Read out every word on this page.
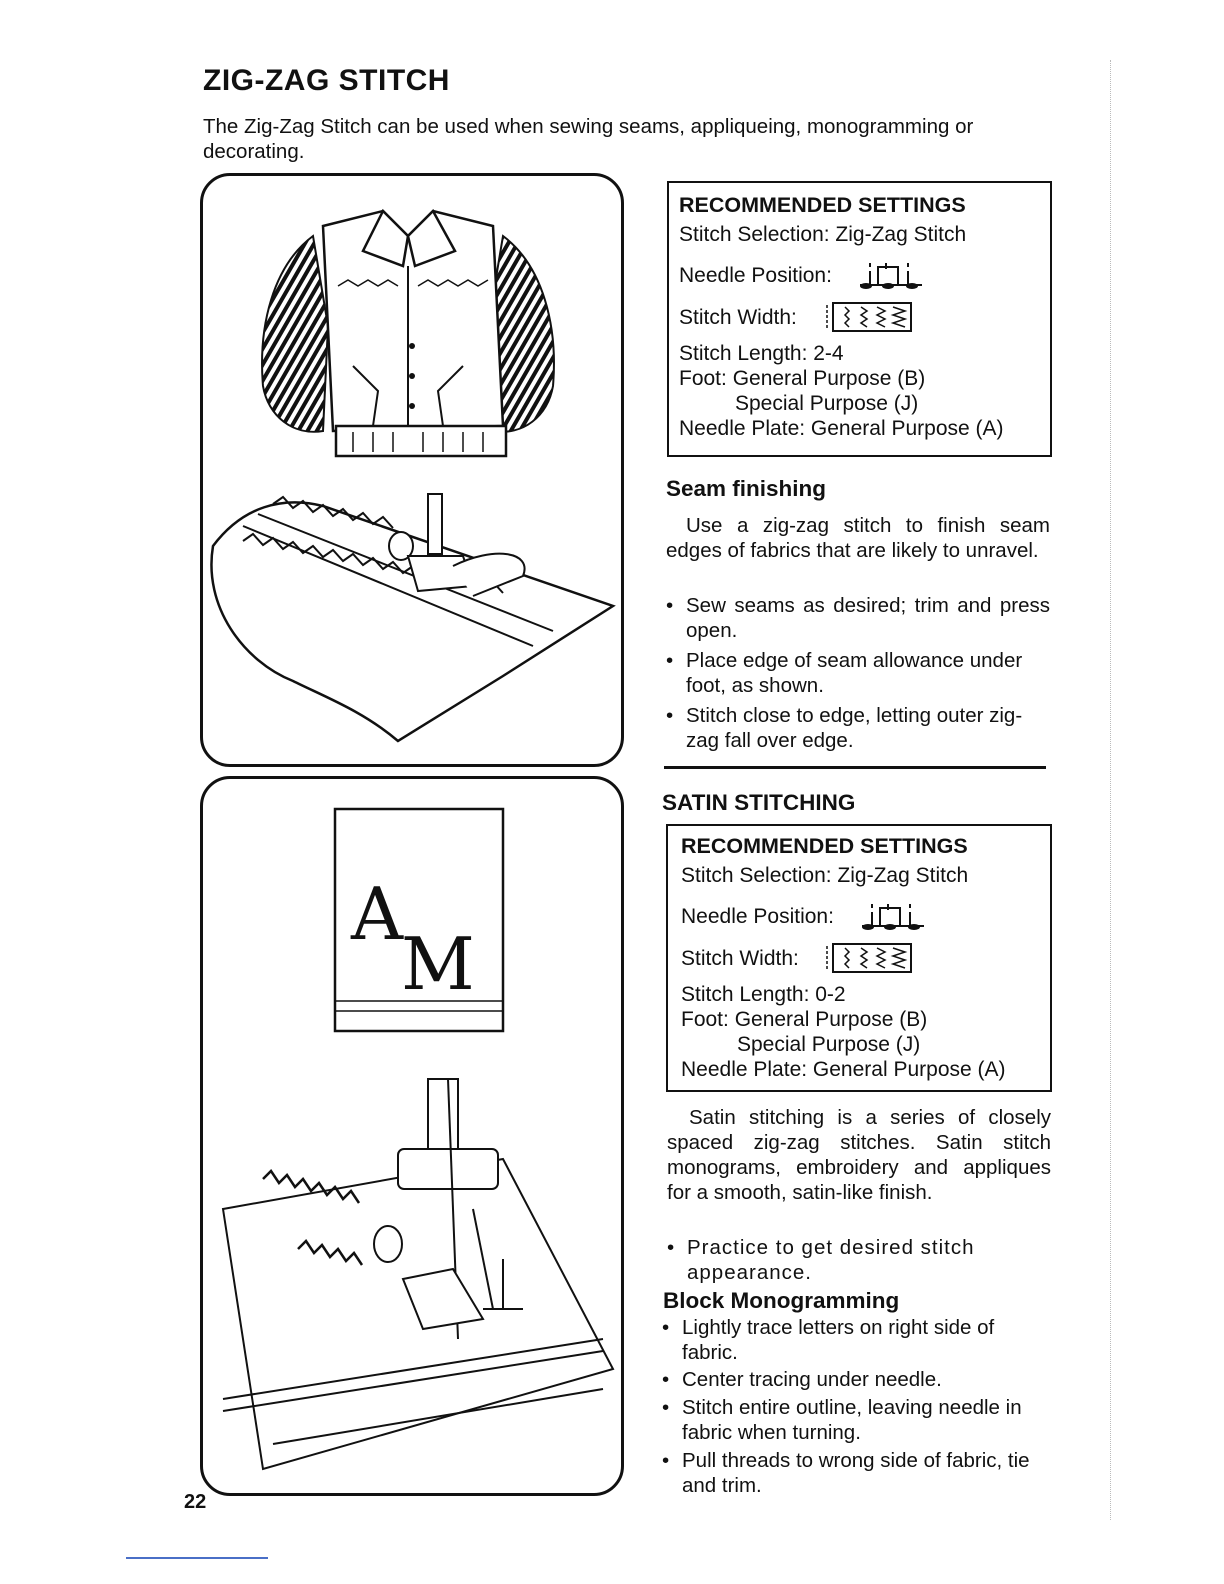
ZIG-ZAG STITCH

The Zig-Zag Stitch can be used when sewing seams, appliqueing, monogramming or decorating.

A
M
RECOMMENDED SETTINGS
Stitch Selection: Zig-Zag Stitch
Needle Position:
Stitch Width:
Stitch Length: 2-4
Foot: General Purpose (B)
Special Purpose (J)
Needle Plate: General Purpose (A)
Seam finishing

Use a zig-zag stitch to finish seam edges of fabrics that are likely to unravel.

• Sew seams as desired; trim and press open.

• Place edge of seam allowance under foot, as shown.

• Stitch close to edge, letting outer zig-zag fall over edge.

SATIN STITCHING
RECOMMENDED SETTINGS
Stitch Selection: Zig-Zag Stitch
Needle Position:
Stitch Width:
Stitch Length: 0-2
Foot: General Purpose (B)
Special Purpose (J)
Needle Plate: General Purpose (A)

Satin stitching is a series of closely spaced zig-zag stitches. Satin stitch monograms, embroidery and appliques for a smooth, satin-like finish.

• Practice to get desired stitch appearance.

Block Monogramming

• Lightly trace letters on right side of fabric.

• Center tracing under needle.

• Stitch entire outline, leaving needle in fabric when turning.

• Pull threads to wrong side of fabric, tie and trim.

22
